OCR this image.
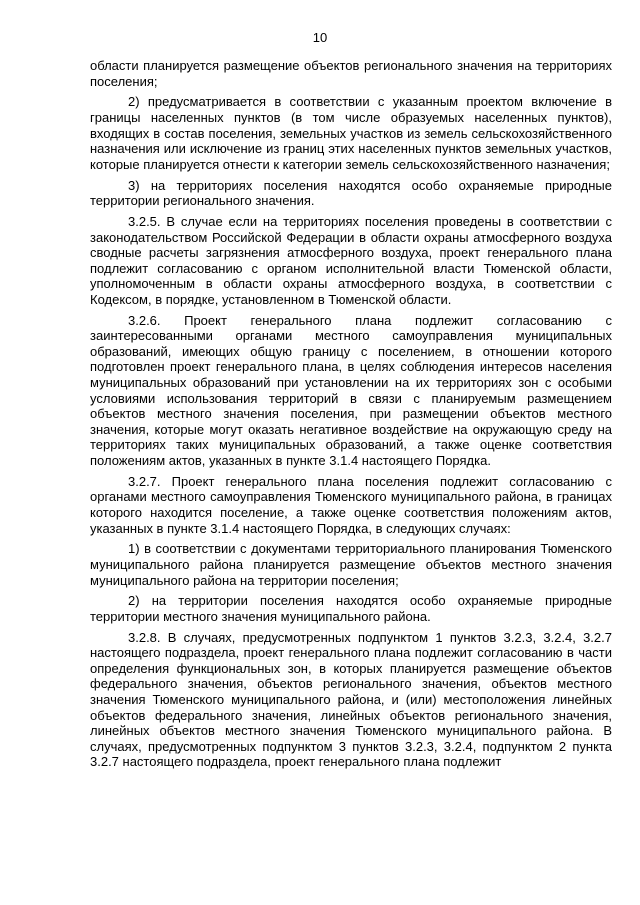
10

области планируется размещение объектов регионального значения на территориях поселения;

2) предусматривается в соответствии с указанным проектом включение в границы населенных пунктов (в том числе образуемых населенных пунктов), входящих в состав поселения, земельных участков из земель сельскохозяйственного назначения или исключение из границ этих населенных пунктов земельных участков, которые планируется отнести к категории земель сельскохозяйственного назначения;

3) на территориях поселения находятся особо охраняемые природные территории регионального значения.

3.2.5. В случае если на территориях поселения проведены в соответствии с законодательством Российской Федерации в области охраны атмосферного воздуха сводные расчеты загрязнения атмосферного воздуха, проект генерального плана подлежит согласованию с органом исполнительной власти Тюменской области, уполномоченным в области охраны атмосферного воздуха, в соответствии с Кодексом, в порядке, установленном в Тюменской области.

3.2.6. Проект генерального плана подлежит согласованию с заинтересованными органами местного самоуправления муниципальных образований, имеющих общую границу с поселением, в отношении которого подготовлен проект генерального плана, в целях соблюдения интересов населения муниципальных образований при установлении на их территориях зон с особыми условиями использования территорий в связи с планируемым размещением объектов местного значения поселения, при размещении объектов местного значения, которые могут оказать негативное воздействие на окружающую среду на территориях таких муниципальных образований, а также оценке соответствия положениям актов, указанных в пункте 3.1.4 настоящего Порядка.

3.2.7. Проект генерального плана поселения подлежит согласованию с органами местного самоуправления Тюменского муниципального района, в границах которого находится поселение, а также оценке соответствия положениям актов, указанных в пункте 3.1.4 настоящего Порядка, в следующих случаях:

1) в соответствии с документами территориального планирования Тюменского муниципального района планируется размещение объектов местного значения муниципального района на территории поселения;

2) на территории поселения находятся особо охраняемые природные территории местного значения муниципального района.

3.2.8. В случаях, предусмотренных подпунктом 1 пунктов 3.2.3, 3.2.4, 3.2.7 настоящего подраздела, проект генерального плана подлежит согласованию в части определения функциональных зон, в которых планируется размещение объектов федерального значения, объектов регионального значения, объектов местного значения Тюменского муниципального района, и (или) местоположения линейных объектов федерального значения, линейных объектов регионального значения, линейных объектов местного значения Тюменского муниципального района. В случаях, предусмотренных подпунктом 3 пунктов 3.2.3, 3.2.4, подпунктом 2 пункта 3.2.7 настоящего подраздела, проект генерального плана подлежит
